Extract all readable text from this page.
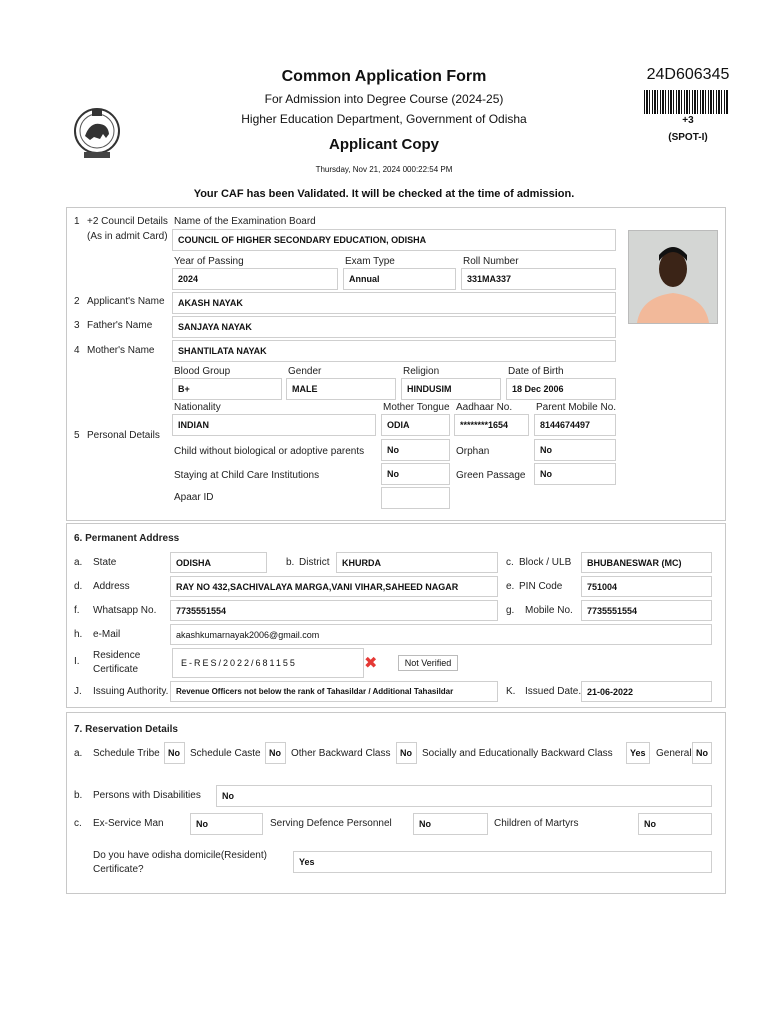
Common Application Form
For Admission into Degree Course (2024-25)
Higher Education Department, Government of Odisha
Applicant Copy
Thursday, Nov 21, 2024 000:22:54 PM
Your CAF has been Validated. It will be checked at the time of admission.
24D606345
+3
(SPOT-I)
1 +2 Council Details
(As in admit Card)
Name of the Examination Board
COUNCIL OF HIGHER SECONDARY EDUCATION, ODISHA
Year of Passing
2024
Exam Type
Annual
Roll Number
331MA337
2 Applicant's Name	AKASH NAYAK
3 Father's Name	SANJAYA NAYAK
4 Mother's Name	SHANTILATA NAYAK
Blood Group
B+
Gender
MALE
Religion
HINDUSIM
Date of Birth
18 Dec 2006
Nationality
INDIAN
Mother Tongue
ODIA
Aadhaar No.
********1654
Parent Mobile No.
8144674497
5 Personal Details
Child without biological or adoptive parents	No	Orphan	No
Staying at Child Care Institutions	No	Green Passage	No
Apaar ID
6. Permanent Address
a. State	ODISHA	b. District	KHURDA	c. Block / ULB	BHUBANESWAR (MC)
d. Address	RAY NO 432,SACHIVALAYA MARGA,VANI VIHAR,SAHEED NAGAR	e. PIN Code	751004
f. Whatsapp No.	7735551554	g. Mobile No.	7735551554
h. e-Mail	akashkumarnayak2006@gmail.com
I.
Residence
Certificate
E-RES/2022/681155	✖	Not Verified
J. Issuing Authority. Revenue Officers not below the rank of Tahasildar / Additional Tahasildar	K. Issued Date. 21-06-2022
7. Reservation Details
a. Schedule Tribe No	Schedule Caste No	Other Backward Class	No	Socially and Educationally Backward Class	Yes	General No
b. Persons with Disabilities	No
c. Ex-Service Man	No	Serving Defence Personnel	No	Children of Martyrs	No
Do you have odisha domicile(Resident)
Certificate?
Yes
